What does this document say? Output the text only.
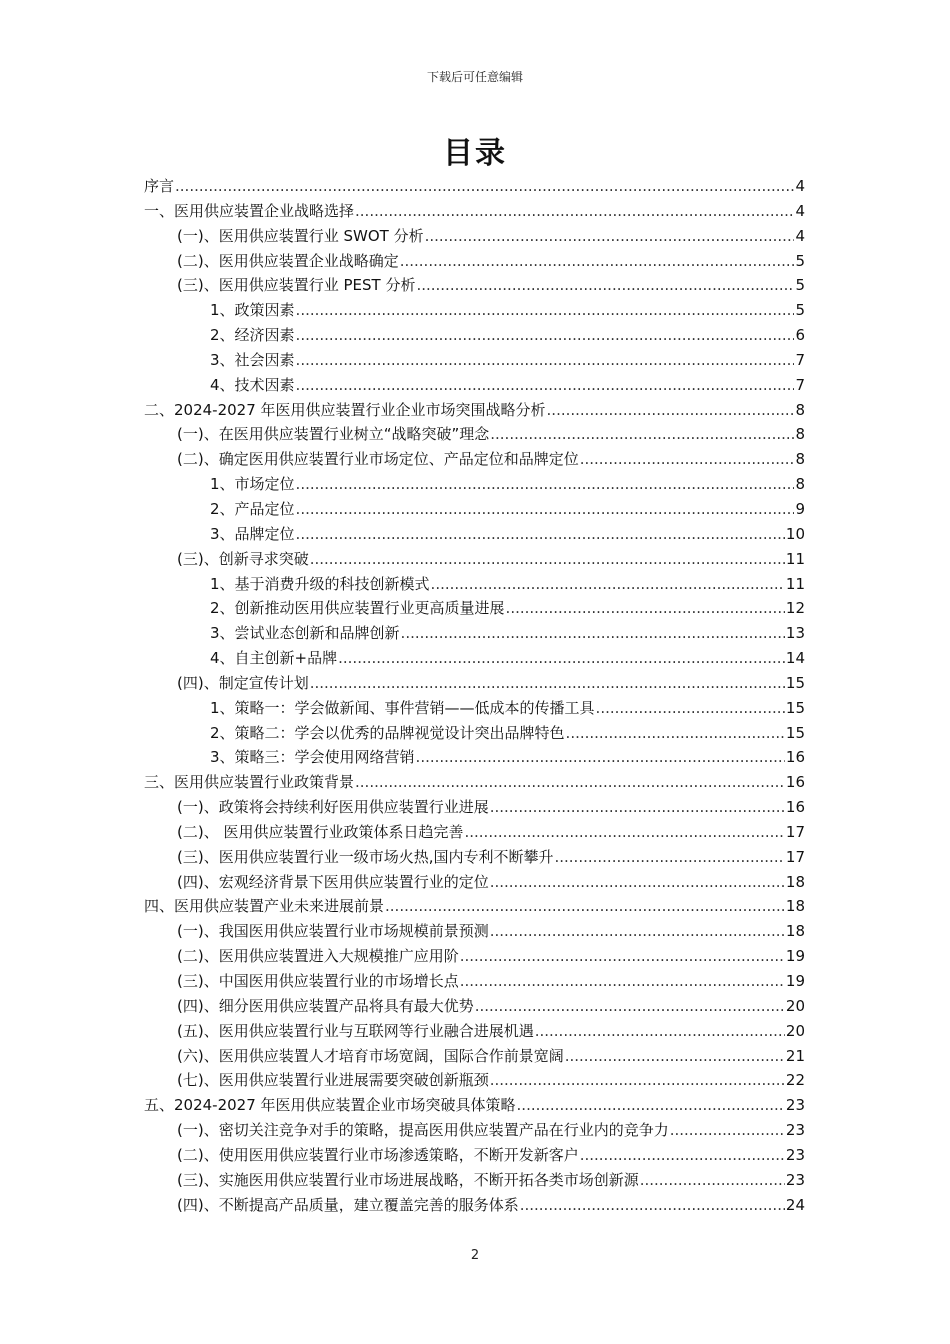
下载后可任意编辑
目录
序言 .....	4
一、医用供应装置企业战略选择 .....	4
(一)、医用供应装置行业 SWOT 分析 .....	4
(二)、医用供应装置企业战略确定 .....	5
(三)、医用供应装置行业 PEST 分析 .....	5
1、政策因素 .....	5
2、经济因素 .....	6
3、社会因素 .....	7
4、技术因素 .....	7
二、2024-2027 年医用供应装置行业企业市场突围战略分析 .....	8
(一)、在医用供应装置行业树立“战略突破”理念 .....	8
(二)、确定医用供应装置行业市场定位、产品定位和品牌定位 .....	8
1、市场定位 .....	8
2、产品定位 .....	9
3、品牌定位 .....	10
(三)、创新寻求突破 .....	11
1、基于消费升级的科技创新模式 .....	11
2、创新推动医用供应装置行业更高质量进展 .....	12
3、尝试业态创新和品牌创新 .....	13
4、自主创新+品牌 .....	14
(四)、制定宣传计划 .....	15
1、策略一：学会做新闻、事件营销——低成本的传播工具 .....	15
2、策略二：学会以优秀的品牌视觉设计突出品牌特色 .....	15
3、策略三：学会使用网络营销 .....	16
三、医用供应装置行业政策背景 .....	16
(一)、政策将会持续利好医用供应装置行业进展 .....	16
(二)、 医用供应装置行业政策体系日趋完善 .....	17
(三)、医用供应装置行业一级市场火热,国内专利不断攀升 .....	17
(四)、宏观经济背景下医用供应装置行业的定位 .....	18
四、医用供应装置产业未来进展前景 .....	18
(一)、我国医用供应装置行业市场规模前景预测 .....	18
(二)、医用供应装置进入大规模推广应用阶 .....	19
(三)、中国医用供应装置行业的市场增长点 .....	19
(四)、细分医用供应装置产品将具有最大优势 .....	20
(五)、医用供应装置行业与互联网等行业融合进展机遇 .....	20
(六)、医用供应装置人才培育市场宽阔，国际合作前景宽阔 .....	21
(七)、医用供应装置行业进展需要突破创新瓶颈 .....	22
五、2024-2027 年医用供应装置企业市场突破具体策略 .....	23
(一)、密切关注竞争对手的策略，提高医用供应装置产品在行业内的竞争力 .....	23
(二)、使用医用供应装置行业市场渗透策略，不断开发新客户 .....	23
(三)、实施医用供应装置行业市场进展战略，不断开拓各类市场创新源 .....	23
(四)、不断提高产品质量，建立覆盖完善的服务体系 .....	24
2
